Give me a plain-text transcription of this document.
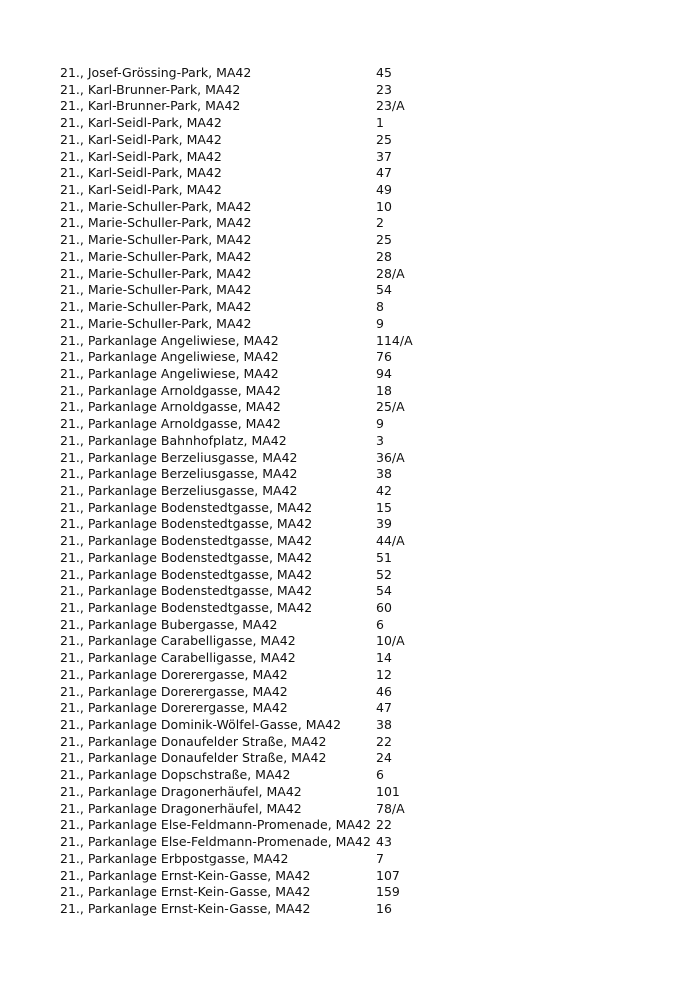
21., Josef-Grössing-Park, MA42	45
21., Karl-Brunner-Park, MA42	23
21., Karl-Brunner-Park, MA42	23/A
21., Karl-Seidl-Park, MA42	1
21., Karl-Seidl-Park, MA42	25
21., Karl-Seidl-Park, MA42	37
21., Karl-Seidl-Park, MA42	47
21., Karl-Seidl-Park, MA42	49
21., Marie-Schuller-Park, MA42	10
21., Marie-Schuller-Park, MA42	2
21., Marie-Schuller-Park, MA42	25
21., Marie-Schuller-Park, MA42	28
21., Marie-Schuller-Park, MA42	28/A
21., Marie-Schuller-Park, MA42	54
21., Marie-Schuller-Park, MA42	8
21., Marie-Schuller-Park, MA42	9
21., Parkanlage Angeliwiese, MA42	114/A
21., Parkanlage Angeliwiese, MA42	76
21., Parkanlage Angeliwiese, MA42	94
21., Parkanlage Arnoldgasse, MA42	18
21., Parkanlage Arnoldgasse, MA42	25/A
21., Parkanlage Arnoldgasse, MA42	9
21., Parkanlage Bahnhofplatz, MA42	3
21., Parkanlage Berzeliusgasse, MA42	36/A
21., Parkanlage Berzeliusgasse, MA42	38
21., Parkanlage Berzeliusgasse, MA42	42
21., Parkanlage Bodenstedtgasse, MA42	15
21., Parkanlage Bodenstedtgasse, MA42	39
21., Parkanlage Bodenstedtgasse, MA42	44/A
21., Parkanlage Bodenstedtgasse, MA42	51
21., Parkanlage Bodenstedtgasse, MA42	52
21., Parkanlage Bodenstedtgasse, MA42	54
21., Parkanlage Bodenstedtgasse, MA42	60
21., Parkanlage Bubergasse, MA42	6
21., Parkanlage Carabelligasse, MA42	10/A
21., Parkanlage Carabelligasse, MA42	14
21., Parkanlage Dorerergasse, MA42	12
21., Parkanlage Dorerergasse, MA42	46
21., Parkanlage Dorerergasse, MA42	47
21., Parkanlage Dominik-Wölfel-Gasse, MA42	38
21., Parkanlage Donaufelder Straße, MA42	22
21., Parkanlage Donaufelder Straße, MA42	24
21., Parkanlage Dopschstraße, MA42	6
21., Parkanlage Dragonerhäufel, MA42	101
21., Parkanlage Dragonerhäufel, MA42	78/A
21., Parkanlage Else-Feldmann-Promenade, MA42 22
21., Parkanlage Else-Feldmann-Promenade, MA42 43
21., Parkanlage Erbpostgasse, MA42	7
21., Parkanlage Ernst-Kein-Gasse, MA42	107
21., Parkanlage Ernst-Kein-Gasse, MA42	159
21., Parkanlage Ernst-Kein-Gasse, MA42	16
